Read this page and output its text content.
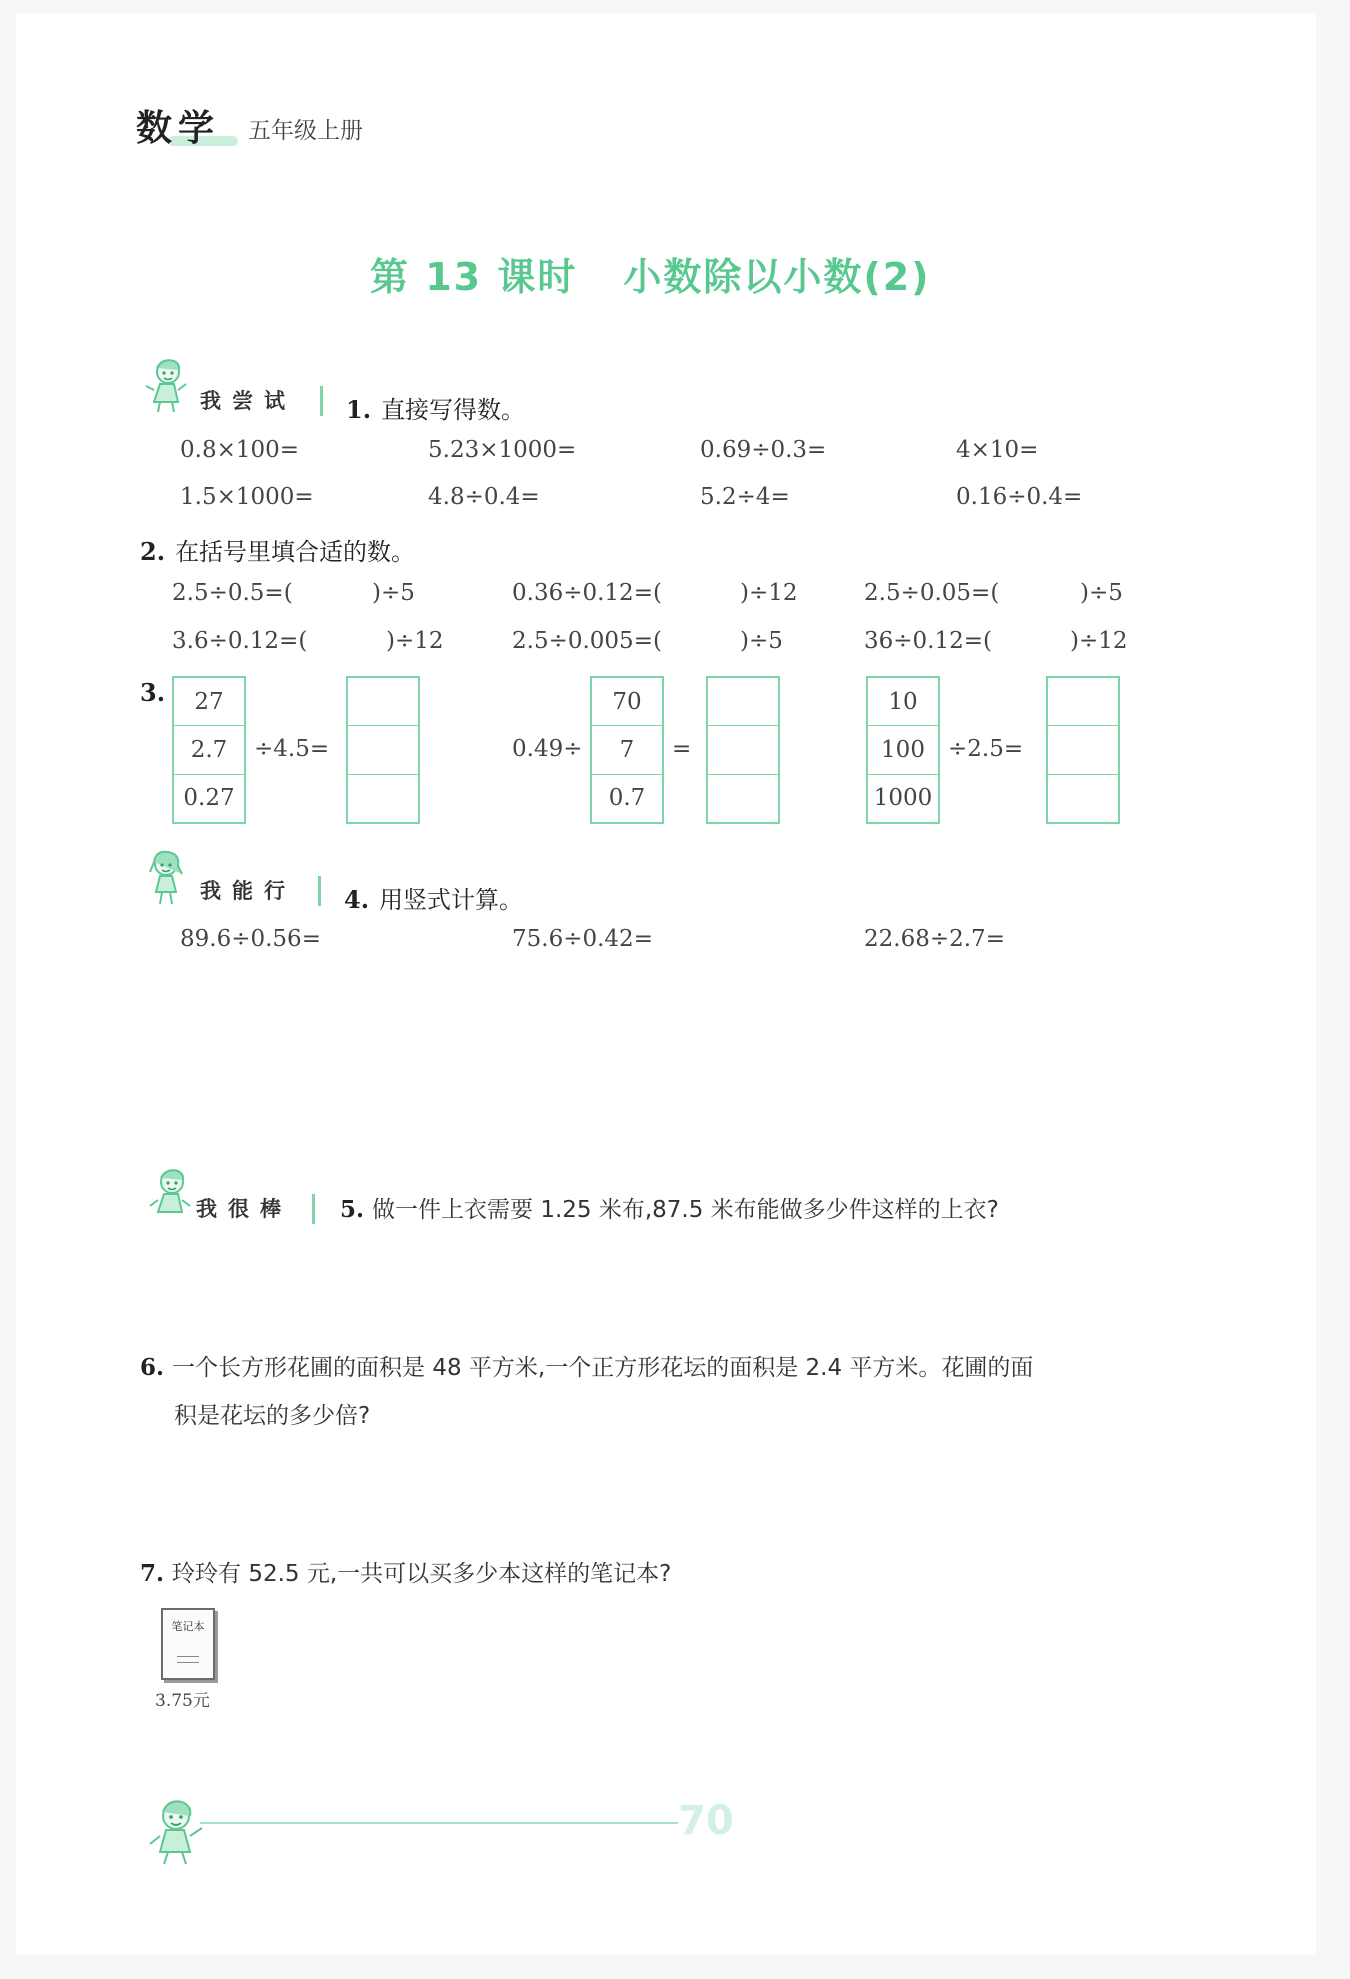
数学 五年级上册
第 13 课时 小数除以小数(2)
我尝试 1. 直接写得数。
0.8×100=	5.23×1000=	0.69÷0.3=	4×10=
1.5×1000=	4.8÷0.4=	5.2÷4=	0.16÷0.4=
2. 在括号里填合适的数。
2.5÷0.5=(	)÷5	0.36÷0.12=(	)÷12	2.5÷0.05=(	)÷5
3.6÷0.12=(	)÷12	2.5÷0.005=(	)÷5	36÷0.12=(	)÷12
3.	27
2.7
0.27
÷4.5=	0.49÷
70
7
0.7
=
10
100
1000
÷2.5=
我能行 4. 用竖式计算。
89.6÷0.56=	75.6÷0.42=	22.68÷2.7=
我很棒 5. 做一件上衣需要 1.25 米布,87.5 米布能做多少件这样的上衣?
6. 一个长方形花圃的面积是 48 平方米,一个正方形花坛的面积是 2.4 平方米。花圃的面
积是花坛的多少倍?
7. 玲玲有 52.5 元,一共可以买多少本这样的笔记本?
笔记本
3.75元
70
